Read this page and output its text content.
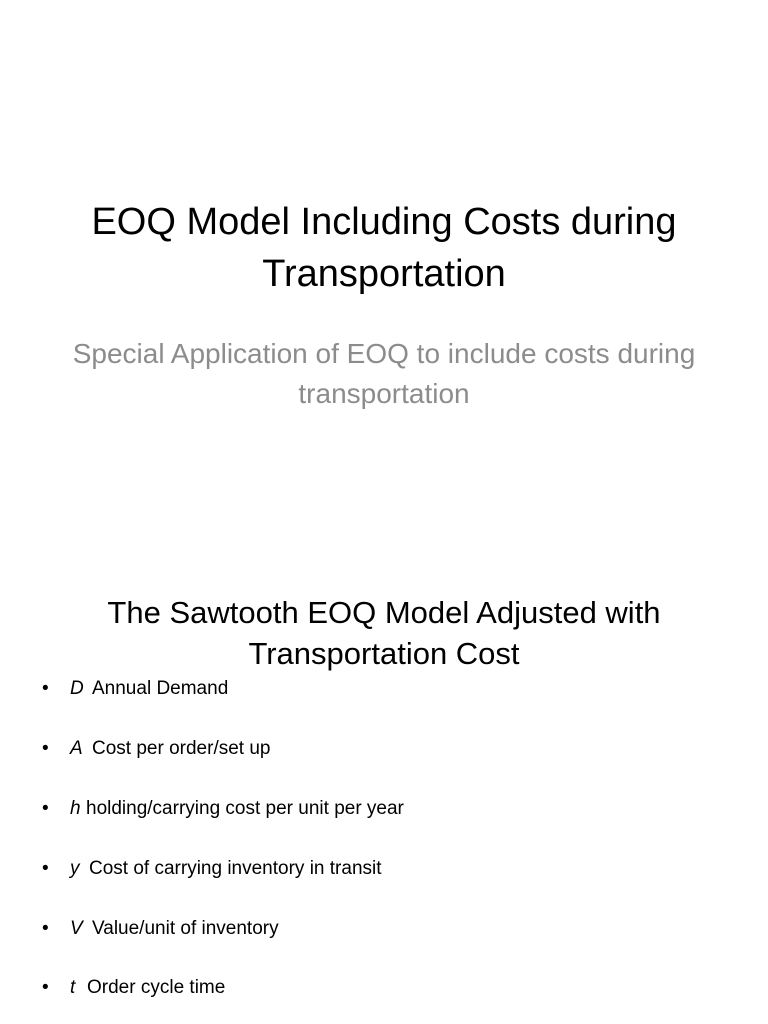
EOQ Model Including Costs during Transportation
Special Application of EOQ to include costs during transportation
The Sawtooth EOQ Model Adjusted with Transportation Cost
• D Annual Demand
• A Cost per order/set up
• h holding/carrying cost per unit per year
• y Cost of carrying inventory in transit
• V Value/unit of inventory
• t Order cycle time
